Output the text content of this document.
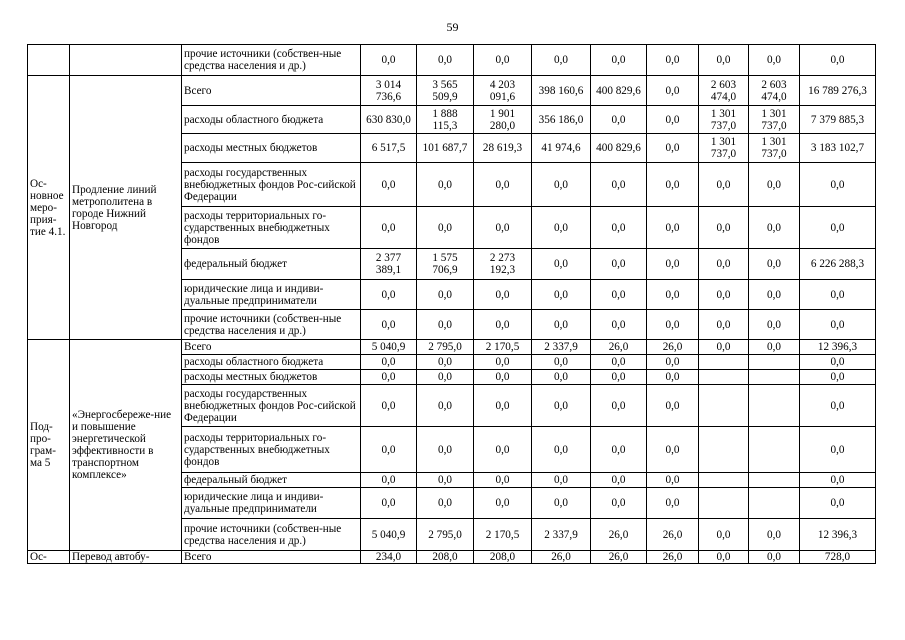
59
		прочие источники (собствен-ные средства населения и др.)	0,0	0,0	0,0	0,0	0,0	0,0	0,0	0,0	0,0
Ос-новное меро-прия-тие 4.1.	Продление линий метрополитена в городе Нижний Новгород	Всего	3 014 736,6	3 565 509,9	4 203 091,6	398 160,6	400 829,6	0,0	2 603 474,0	2 603 474,0	16 789 276,3
		расходы областного бюджета	630 830,0	1 888 115,3	1 901 280,0	356 186,0	0,0	0,0	1 301 737,0	1 301 737,0	7 379 885,3
		расходы местных бюджетов	6 517,5	101 687,7	28 619,3	41 974,6	400 829,6	0,0	1 301 737,0	1 301 737,0	3 183 102,7
		расходы государственных внебюджетных фондов Рос-сийской Федерации	0,0	0,0	0,0	0,0	0,0	0,0	0,0	0,0	0,0
		расходы территориальных го-сударственных внебюджетных фондов	0,0	0,0	0,0	0,0	0,0	0,0	0,0	0,0	0,0
		федеральный бюджет	2 377 389,1	1 575 706,9	2 273 192,3	0,0	0,0	0,0	0,0	0,0	6 226 288,3
		юридические лица и индиви-дуальные предприниматели	0,0	0,0	0,0	0,0	0,0	0,0	0,0	0,0	0,0
		прочие источники (собствен-ные средства населения и др.)	0,0	0,0	0,0	0,0	0,0	0,0	0,0	0,0	0,0
Под-про-грам-ма 5	«Энергосбереже-ние и повышение энергетической эффективности в транспортном комплексе»	Всего	5 040,9	2 795,0	2 170,5	2 337,9	26,0	26,0	0,0	0,0	12 396,3
		расходы областного бюджета	0,0	0,0	0,0	0,0	0,0	0,0			0,0
		расходы местных бюджетов	0,0	0,0	0,0	0,0	0,0	0,0			0,0
		расходы государственных внебюджетных фондов Рос-сийской Федерации	0,0	0,0	0,0	0,0	0,0	0,0			0,0
		расходы территориальных го-сударственных внебюджетных фондов	0,0	0,0	0,0	0,0	0,0	0,0			0,0
		федеральный бюджет	0,0	0,0	0,0	0,0	0,0	0,0			0,0
		юридические лица и индиви-дуальные предприниматели	0,0	0,0	0,0	0,0	0,0	0,0			0,0
		прочие источники (собствен-ные средства населения и др.)	5 040,9	2 795,0	2 170,5	2 337,9	26,0	26,0	0,0	0,0	12 396,3
Ос-	Перевод автобу-	Всего	234,0	208,0	208,0	26,0	26,0	26,0	0,0	0,0	728,0
